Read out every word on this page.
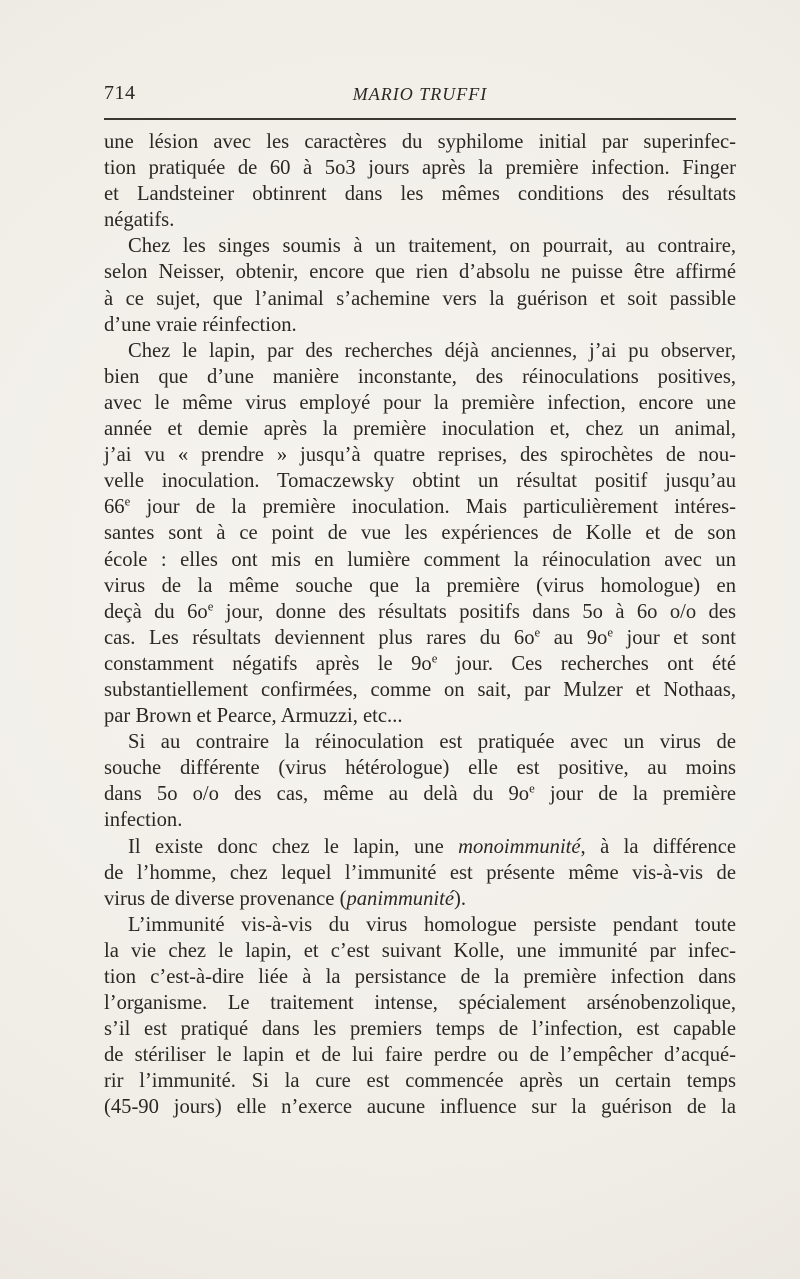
714	MARIO TRUFFI

une lésion avec les caractères du syphilome initial par superinfec-
tion pratiquée de 60 à 5o3 jours après la première infection. Finger
et Landsteiner obtinrent dans les mêmes conditions des résultats
négatifs.

Chez les singes soumis à un traitement, on pourrait, au contraire,
selon Neisser, obtenir, encore que rien d’absolu ne puisse être affirmé
à ce sujet, que l’animal s’achemine vers la guérison et soit passible
d’une vraie réinfection.

Chez le lapin, par des recherches déjà anciennes, j’ai pu observer,
bien que d’une manière inconstante, des réinoculations positives,
avec le même virus employé pour la première infection, encore une
année et demie après la première inoculation et, chez un animal,
j’ai vu « prendre » jusqu’à quatre reprises, des spirochètes de nou-
velle inoculation. Tomaczewsky obtint un résultat positif jusqu’au
66e jour de la première inoculation. Mais particulièrement intéres-
santes sont à ce point de vue les expériences de Kolle et de son
école : elles ont mis en lumière comment la réinoculation avec un
virus de la même souche que la première (virus homologue) en
deçà du $6o^e$ jour, donne des résultats positifs dans 5o à 6o o/o des
cas. Les résultats deviennent plus rares du $6o^e$ au $9o^e$ jour et sont
constamment négatifs après le $9o^e$ jour. Ces recherches ont été
substantiellement confirmées, comme on sait, par Mulzer et Nothaas,
par Brown et Pearce, Armuzzi, etc...

Si au contraire la réinoculation est pratiquée avec un virus de
souche différente (virus hétérologue) elle est positive, au moins
dans 5o o/o des cas, même au delà du $9o^e$ jour de la première
infection.

Il existe donc chez le lapin, une monoimmunité, à la différence
de l’homme, chez lequel l’immunité est présente même vis-à-vis de
virus de diverse provenance (panimmunité).

L’immunité vis-à-vis du virus homologue persiste pendant toute
la vie chez le lapin, et c’est suivant Kolle, une immunité par infec-
tion c’est-à-dire liée à la persistance de la première infection dans
l’organisme. Le traitement intense, spécialement arsénobenzolique,
s’il est pratiqué dans les premiers temps de l’infection, est capable
de stériliser le lapin et de lui faire perdre ou de l’empêcher d’acqué-
rir l’immunité. Si la cure est commencée après un certain temps
(45-90 jours) elle n’exerce aucune influence sur la guérison de la
